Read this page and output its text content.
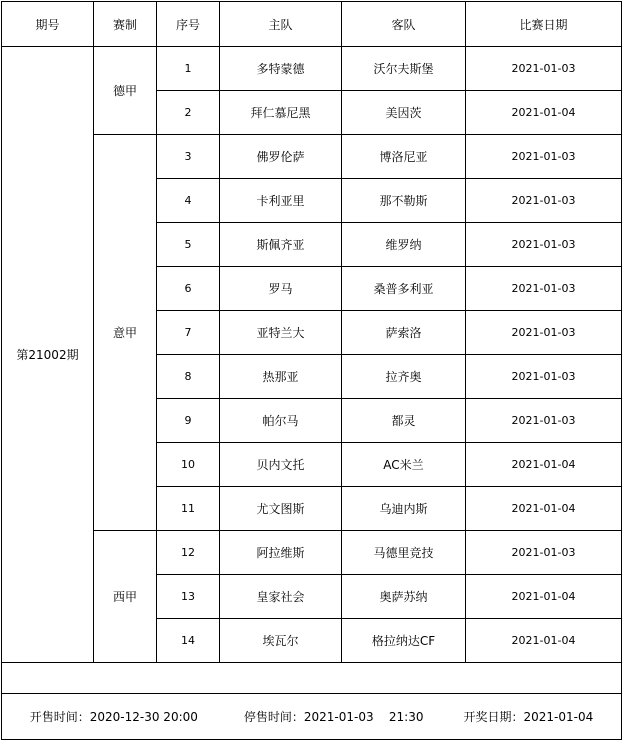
期号	赛制	序号	主队	客队	比赛日期
第21002期	德甲	1	多特蒙德	沃尔夫斯堡	2021-01-03
		2	拜仁慕尼黑	美因茨	2021-01-04
	意甲	3	佛罗伦萨	博洛尼亚	2021-01-03
		4	卡利亚里	那不勒斯	2021-01-03
		5	斯佩齐亚	维罗纳	2021-01-03
		6	罗马	桑普多利亚	2021-01-03
		7	亚特兰大	萨索洛	2021-01-03
		8	热那亚	拉齐奥	2021-01-03
		9	帕尔马	都灵	2021-01-03
		10	贝内文托	AC米兰	2021-01-04
		11	尤文图斯	乌迪内斯	2021-01-04
	西甲	12	阿拉维斯	马德里竞技	2021-01-03
		13	皇家社会	奥萨苏纳	2021-01-04
		14	埃瓦尔	格拉纳达CF	2021-01-04

开售时间：2020-12-30 20:00 停售时间：2021-01-03    21:30 开奖日期：2021-01-04					
